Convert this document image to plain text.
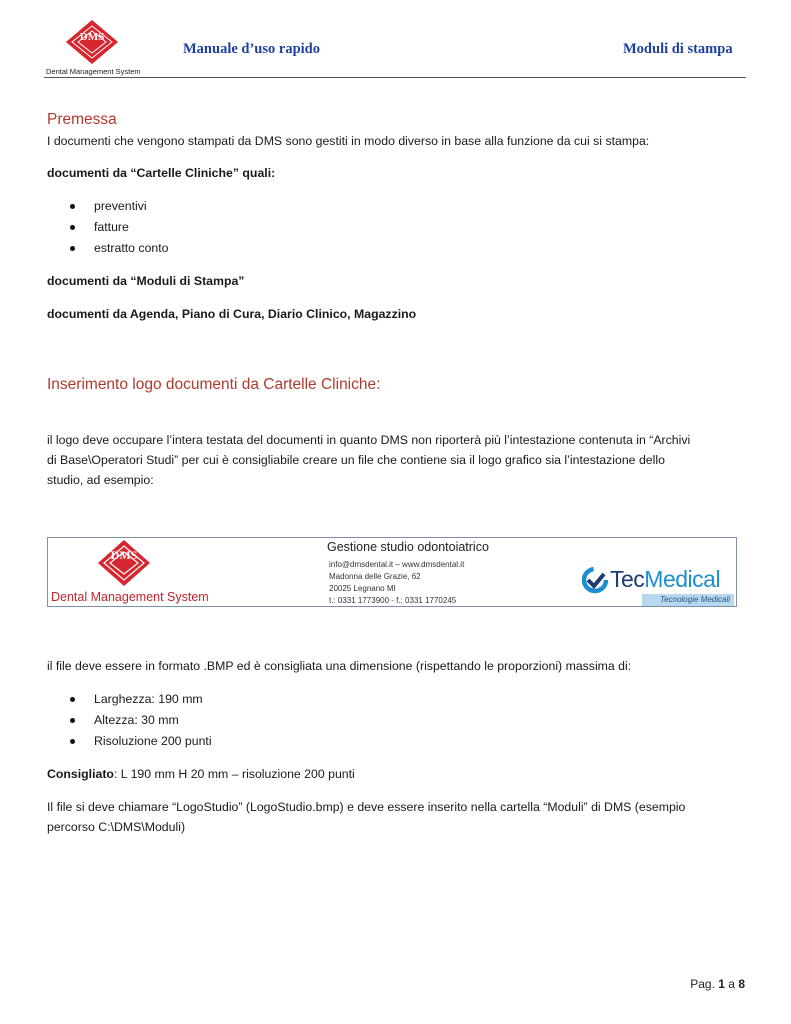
DMS
Dental Management System
Manuale d’uso rapido	Moduli di stampa
Premessa
I documenti che vengono stampati da DMS sono gestiti in modo diverso in base alla funzione da cui si stampa:
documenti da “Cartelle Cliniche” quali:
preventivi
fatture
estratto conto
documenti da “Moduli di Stampa”
documenti da Agenda, Piano di Cura, Diario Clinico, Magazzino
Inserimento logo documenti da Cartelle Cliniche:
il logo deve occupare l’intera testata del documenti in quanto DMS non riporterà più l’intestazione contenuta in “Archivi
di Base\Operatori Studi” per cui è consigliabile creare un file che contiene sia il logo grafico sia l’intestazione dello
studio, ad esempio:
DMS
Dental Management System
Gestione studio odontoiatrico
info@dmsdental.it – www.dmsdental.it
Madonna delle Grazie, 62
20025 Legnano MI
t.: 0331 1773900 - f.: 0331 1770245
TecMedical
Tecnologie Medicali
il file deve essere in formato .BMP ed è consigliata una dimensione (rispettando le proporzioni) massima di:
Larghezza: 190 mm
Altezza: 30 mm
Risoluzione 200 punti
Consigliato: L 190 mm H 20 mm – risoluzione 200 punti
Il file si deve chiamare “LogoStudio” (LogoStudio.bmp) e deve essere inserito nella cartella “Moduli” di DMS (esempio
percorso C:\DMS\Moduli)
Pag. 1 a 8
